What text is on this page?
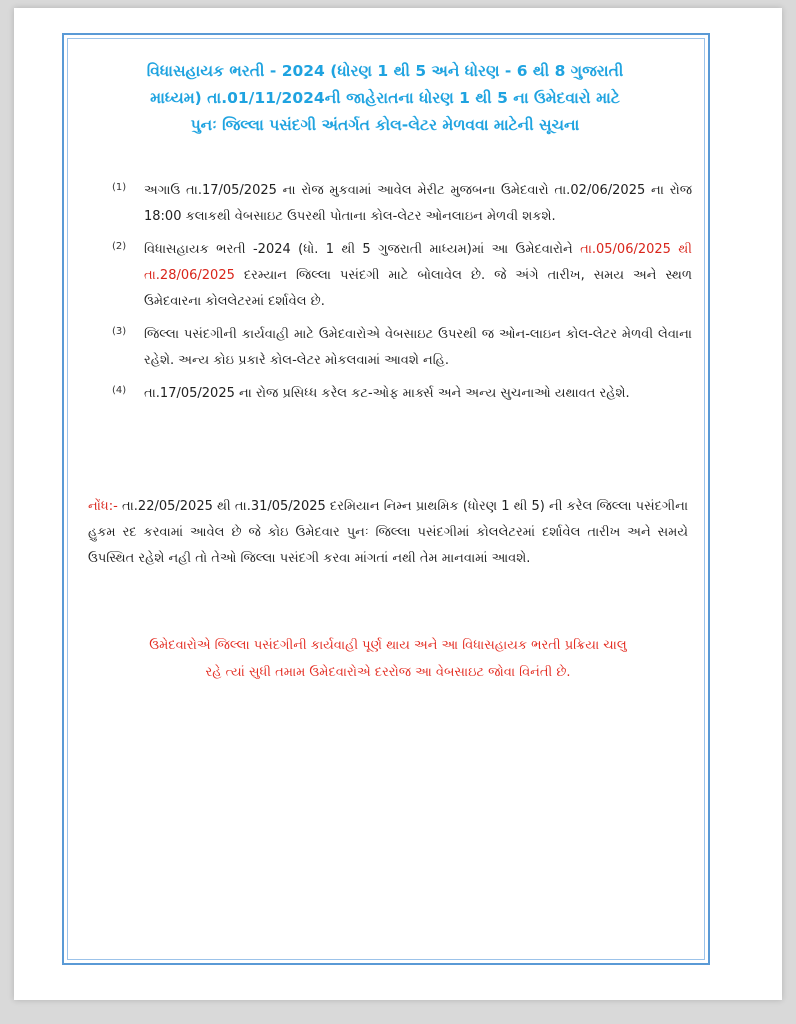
વિધાસહાયક ભરતી - 2024 (ધોરણ 1 થી 5 અને ધોરણ - 6 થી 8 ગુજરાતી
માધ્યમ) તા.01/11/2024ની જાહેરાતના ધોરણ 1 થી 5 ના ઉમેદવારો માટે
પુનઃ જિલ્લા પસંદગી અંતર્ગત કોલ-લેટર મેળવવા માટેની સૂચના
(1) અગાઉ તા.17/05/2025 ના રોજ મુકવામાં આવેલ મેરીટ મુજબના ઉમેદવારો તા.02/06/2025 ના રોજ 18:00 કલાકથી વેબસાઇટ ઉપરથી પોતાના કોલ-લેટર ઓનલાઇન મેળવી શકશે.
(2) વિધાસહાયક ભરતી -2024 (ધો. 1 થી 5 ગુજરાતી માધ્યમ)માં આ ઉમેદવારોને તા.05/06/2025 થી તા.28/06/2025 દરમ્યાન જિલ્લા પસંદગી માટે બોલાવેલ છે. જે અંગે તારીખ, સમય અને સ્થળ ઉમેદવારના કોલલેટરમાં દર્શાવેલ છે.
(3) જિલ્લા પસંદગીની કાર્યવાહી માટે ઉમેદવારોએ વેબસાઇટ ઉપરથી જ ઓન-લાઇન કોલ-લેટર મેળવી લેવાના રહેશે. અન્ય કોઇ પ્રકારે કોલ-લેટર મોકલવામાં આવશે નહિ.
(4) તા.17/05/2025 ના રોજ પ્રસિધ્ધ કરેલ કટ-ઓફ માર્ક્સ અને અન્ય સુચનાઓ યથાવત રહેશે.
નોંધ:- તા.22/05/2025 થી તા.31/05/2025 દરમિયાન નિમ્ન પ્રાથમિક (ધોરણ 1 થી 5) ની કરેલ જિલ્લા પસંદગીના હુકમ રદ કરવામાં આવેલ છે જે કોઇ ઉમેદવાર પુનઃ જિલ્લા પસંદગીમાં કોલલેટરમાં દર્શાવેલ તારીખ અને સમયે ઉપસ્થિત રહેશે નહી તો તેઓ જિલ્લા પસંદગી કરવા માંગતાં નથી તેમ માનવામાં આવશે.
ઉમેદવારોએ જિલ્લા પસંદગીની કાર્યવાહી પૂર્ણ થાય અને આ વિધાસહાયક ભરતી પ્રક્રિયા ચાલુ
રહે ત્યાં સુધી તમામ ઉમેદવારોએ દરરોજ આ વેબસાઇટ જોવા વિનંતી છે.
